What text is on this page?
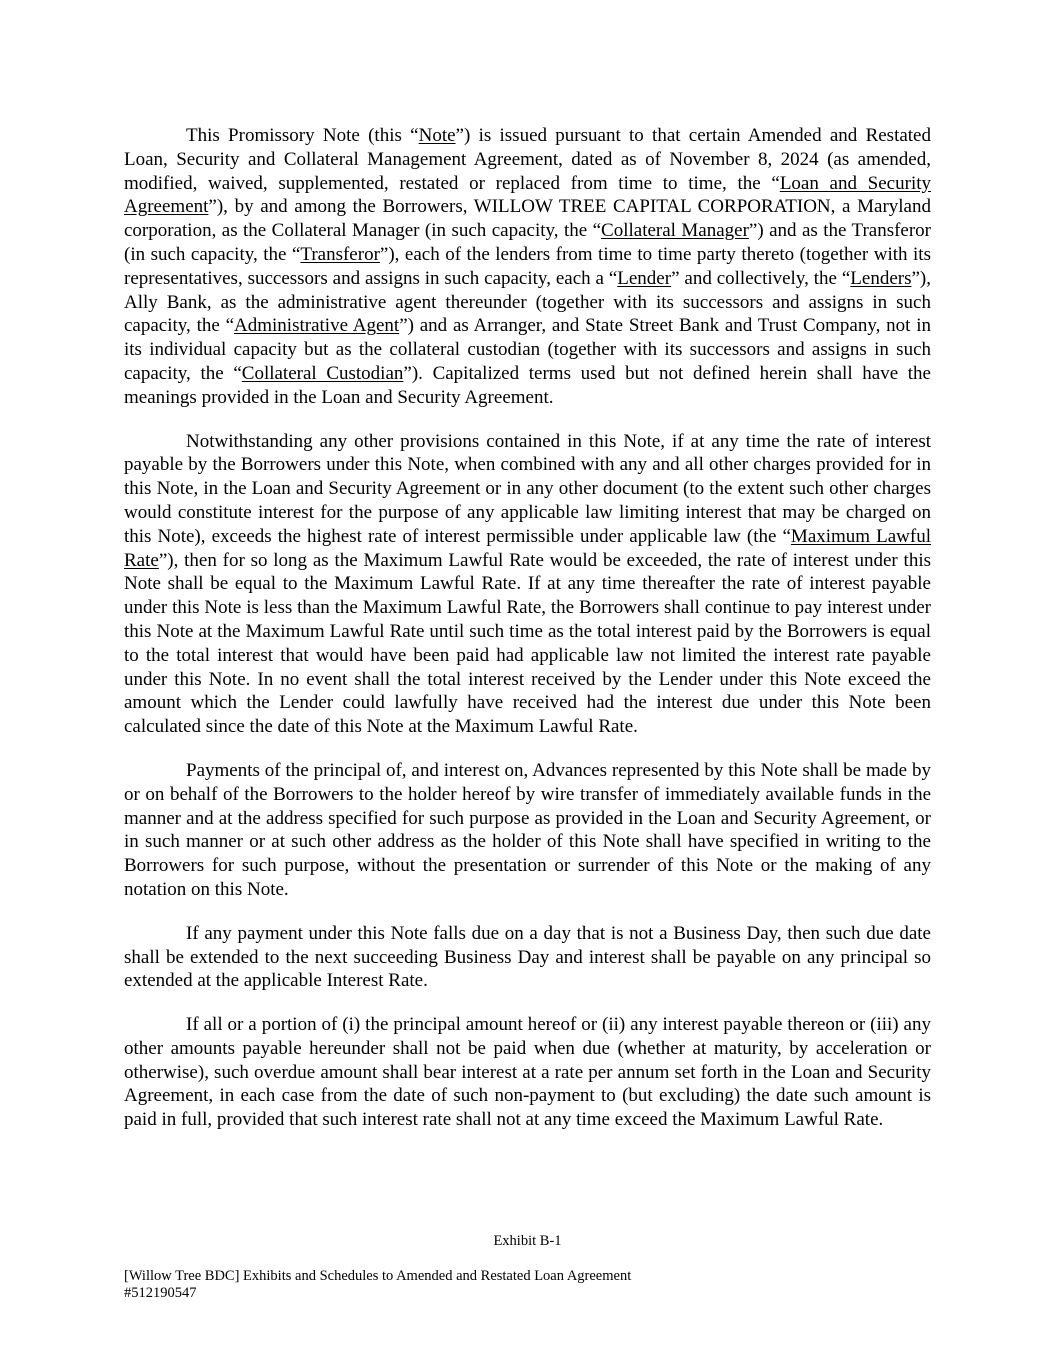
This Promissory Note (this “Note”) is issued pursuant to that certain Amended and Restated Loan, Security and Collateral Management Agreement, dated as of November 8, 2024 (as amended, modified, waived, supplemented, restated or replaced from time to time, the “Loan and Security Agreement”), by and among the Borrowers, WILLOW TREE CAPITAL CORPORATION, a Maryland corporation, as the Collateral Manager (in such capacity, the “Collateral Manager”) and as the Transferor (in such capacity, the “Transferor”), each of the lenders from time to time party thereto (together with its representatives, successors and assigns in such capacity, each a “Lender” and collectively, the “Lenders”), Ally Bank, as the administrative agent thereunder (together with its successors and assigns in such capacity, the “Administrative Agent”) and as Arranger, and State Street Bank and Trust Company, not in its individual capacity but as the collateral custodian (together with its successors and assigns in such capacity, the “Collateral Custodian”). Capitalized terms used but not defined herein shall have the meanings provided in the Loan and Security Agreement.

Notwithstanding any other provisions contained in this Note, if at any time the rate of interest payable by the Borrowers under this Note, when combined with any and all other charges provided for in this Note, in the Loan and Security Agreement or in any other document (to the extent such other charges would constitute interest for the purpose of any applicable law limiting interest that may be charged on this Note), exceeds the highest rate of interest permissible under applicable law (the “Maximum Lawful Rate”), then for so long as the Maximum Lawful Rate would be exceeded, the rate of interest under this Note shall be equal to the Maximum Lawful Rate. If at any time thereafter the rate of interest payable under this Note is less than the Maximum Lawful Rate, the Borrowers shall continue to pay interest under this Note at the Maximum Lawful Rate until such time as the total interest paid by the Borrowers is equal to the total interest that would have been paid had applicable law not limited the interest rate payable under this Note. In no event shall the total interest received by the Lender under this Note exceed the amount which the Lender could lawfully have received had the interest due under this Note been calculated since the date of this Note at the Maximum Lawful Rate.

Payments of the principal of, and interest on, Advances represented by this Note shall be made by or on behalf of the Borrowers to the holder hereof by wire transfer of immediately available funds in the manner and at the address specified for such purpose as provided in the Loan and Security Agreement, or in such manner or at such other address as the holder of this Note shall have specified in writing to the Borrowers for such purpose, without the presentation or surrender of this Note or the making of any notation on this Note.

If any payment under this Note falls due on a day that is not a Business Day, then such due date shall be extended to the next succeeding Business Day and interest shall be payable on any principal so extended at the applicable Interest Rate.

If all or a portion of (i) the principal amount hereof or (ii) any interest payable thereon or (iii) any other amounts payable hereunder shall not be paid when due (whether at maturity, by acceleration or otherwise), such overdue amount shall bear interest at a rate per annum set forth in the Loan and Security Agreement, in each case from the date of such non-payment to (but excluding) the date such amount is paid in full, provided that such interest rate shall not at any time exceed the Maximum Lawful Rate.

Exhibit B-1
[Willow Tree BDC] Exhibits and Schedules to Amended and Restated Loan Agreement
#512190547
